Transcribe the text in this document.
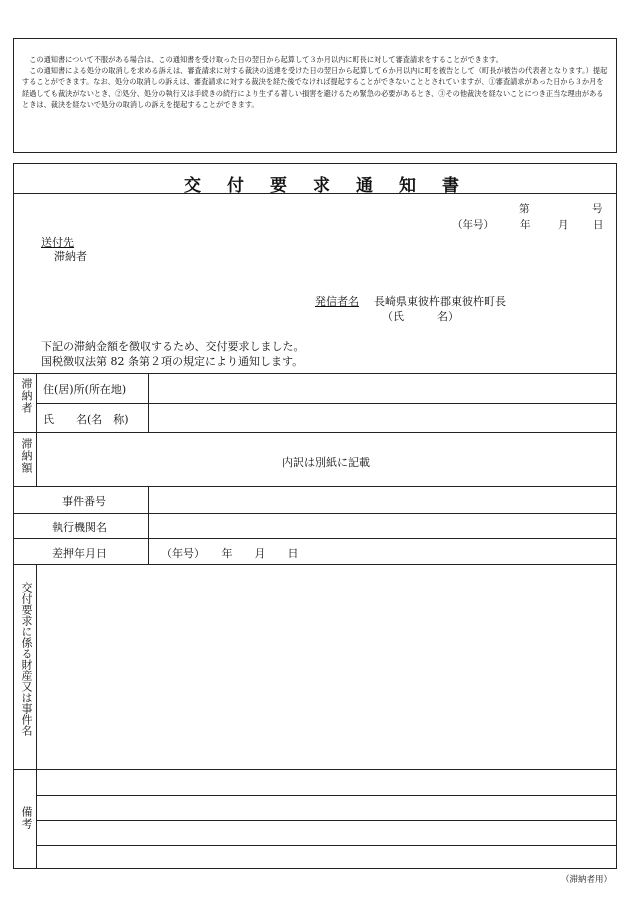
この通知書について不服がある場合は、この通知書を受け取った日の翌日から起算して３か月以内に町長に対して審査請求をすることができます。

この通知書による処分の取消しを求める訴えは、審査請求に対する裁決の送達を受けた日の翌日から起算して６か月以内に町を被告として（町長が被告の代表者となります。）提起することができます。なお、処分の取消しの訴えは、審査請求に対する裁決を経た後でなければ提起することができないこととされていますが、①審査請求があった日から３か月を経過しても裁決がないとき、②処分、処分の執行又は手続きの続行により生ずる著しい損害を避けるため緊急の必要があるとき、③その他裁決を経ないことにつき正当な理由があるときは、裁決を経ないで処分の取消しの訴えを提起することができます。

交付要求通知書
第	号
（年号） 年	月 日
送付先
滞納者
発信者名 長崎県東彼杵郡東彼杵町長
（氏　　　名）
下記の滞納金額を徴収するため、交付要求しました。
国税徴収法第 82 条第２項の規定により通知します。
滞納者 住(居)所(所在地)
氏　　名(名　称)
滞納額	内訳は別紙に記載
事件番号
執行機関名
差押年月日	（年号）　　年　　月　　日
交付要求に係る財産又は事件名
備考
（滞納者用）
